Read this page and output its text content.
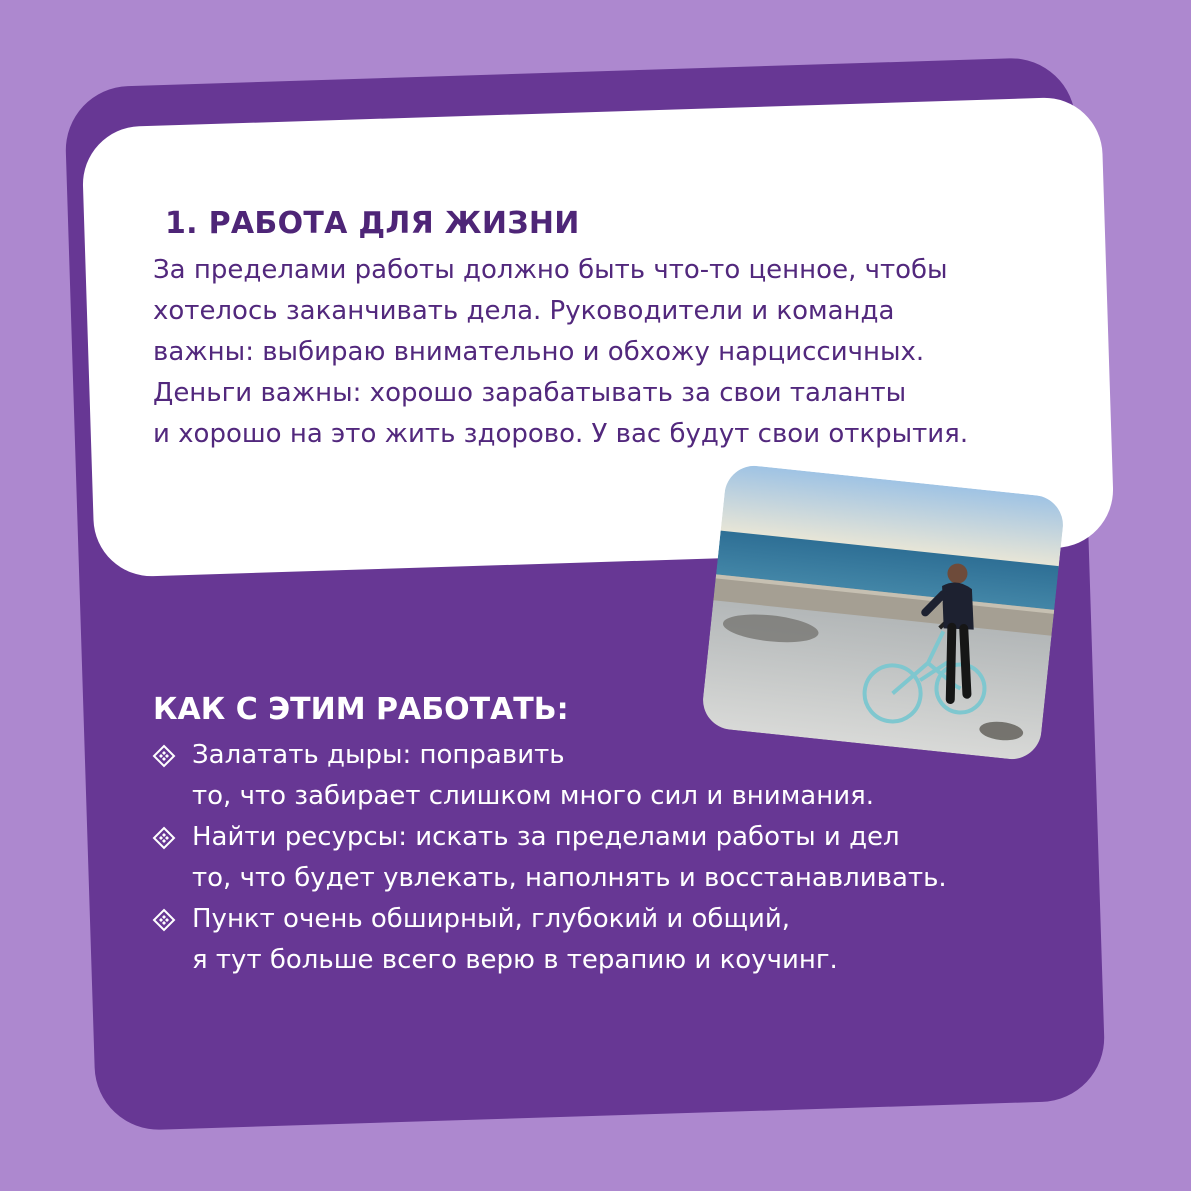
1. РАБОТА ДЛЯ ЖИЗНИ
За пределами работы должно быть что-то ценное, чтобы
хотелось заканчивать дела. Руководители и команда
важны: выбираю внимательно и обхожу нарциссичных.
Деньги важны: хорошо зарабатывать за свои таланты
и хорошо на это жить здорово. У вас будут свои открытия.
КАК С ЭТИМ РАБОТАТЬ:
Залатать дыры: поправить
то, что забирает слишком много сил и внимания.
Найти ресурсы: искать за пределами работы и дел
то, что будет увлекать, наполнять и восстанавливать.
Пункт очень обширный, глубокий и общий,
я тут больше всего верю в терапию и коучинг.
